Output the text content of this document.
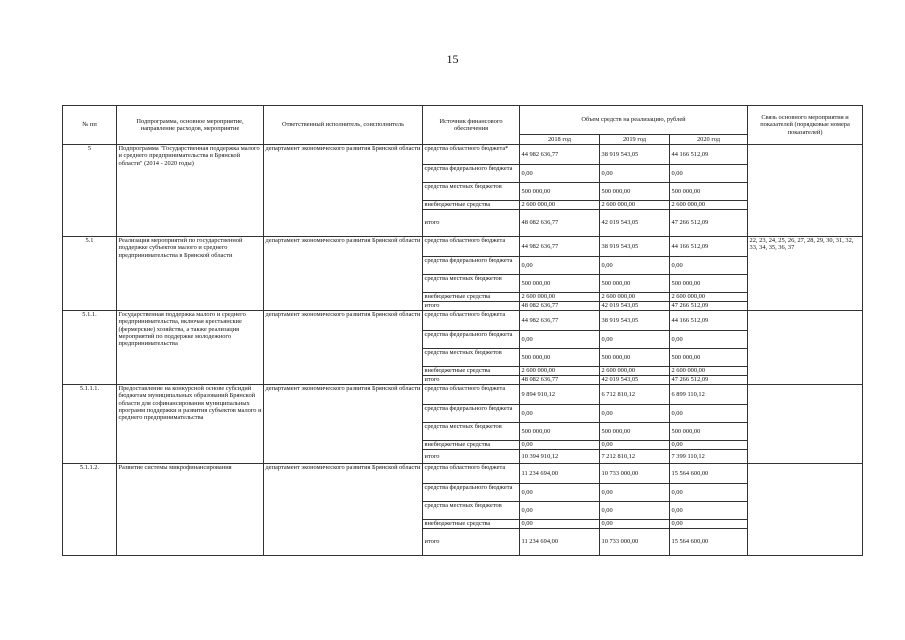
15
№ пп	Подпрограмма, основное мероприятие, направление расходов, мероприятие	Ответственный исполнитель, соисполнитель	Источник финансового обеспечения	Объем средств на реализацию, рублей			Связь основного мероприятия и показателей (порядковые номера показателей)
				2018 год	2019 год	2020 год	
5	Подпрограмма "Государственная поддержка малого и среднего предпринимательства в Брянской области" (2014 - 2020 годы)	департамент экономического развития Брянской области	средства областного бюджета*	44 982 636,77	38 919 543,05	44 166 512,09	
			средства федерального бюджета	0,00	0,00	0,00	
			средства местных бюджетов	500 000,00	500 000,00	500 000,00	
			внебюджетные средства	2 600 000,00	2 600 000,00	2 600 000,00	
			итого	48 082 636,77	42 019 543,05	47 266 512,09	
5.1	Реализация мероприятий по государственной поддержке субъектов малого и среднего предпринимательства в Брянской области	департамент экономического развития Брянской области	средства областного бюджета	44 982 636,77	38 919 543,05	44 166 512,09	22, 23, 24, 25, 26, 27, 28, 29, 30, 31, 32, 33, 34, 35, 36, 37
			средства федерального бюджета	0,00	0,00	0,00	
			средства местных бюджетов	500 000,00	500 000,00	500 000,00	
			внебюджетные средства	2 600 000,00	2 600 000,00	2 600 000,00	
			итого	48 082 636,77	42 019 543,05	47 266 512,09	
5.1.1.	Государственная поддержка малого и среднего предпринимательства, включая крестьянские (фермерские) хозяйства, а также реализация мероприятий по поддержке молодежного предпринимательства	департамент экономического развития Брянской области	средства областного бюджета	44 982 636,77	38 919 543,05	44 166 512,09	
			средства федерального бюджета	0,00	0,00	0,00	
			средства местных бюджетов	500 000,00	500 000,00	500 000,00	
			внебюджетные средства	2 600 000,00	2 600 000,00	2 600 000,00	
			итого	48 082 636,77	42 019 543,05	47 266 512,09	
5.1.1.1.	Предоставление на конкурсной основе субсидий бюджетам муниципальных образований Брянской области для софинансирования муниципальных программ поддержки и развития субъектов малого и среднего предпринимательства	департамент экономического развития Брянской области	средства областного бюджета	9 894 910,12	6 712 810,12	6 899 110,12	
			средства федерального бюджета	0,00	0,00	0,00	
			средства местных бюджетов	500 000,00	500 000,00	500 000,00	
			внебюджетные средства	0,00	0,00	0,00	
			итого	10 394 910,12	7 212 810,12	7 399 110,12	
5.1.1.2.	Развитие системы микрофинансирования	департамент экономического развития Брянской области	средства областного бюджета	11 234 694,00	10 733 000,00	15 564 600,00	
			средства федерального бюджета	0,00	0,00	0,00	
			средства местных бюджетов	0,00	0,00	0,00	
			внебюджетные средства	0,00	0,00	0,00	
			итого	11 234 694,00	10 733 000,00	15 564 600,00	
